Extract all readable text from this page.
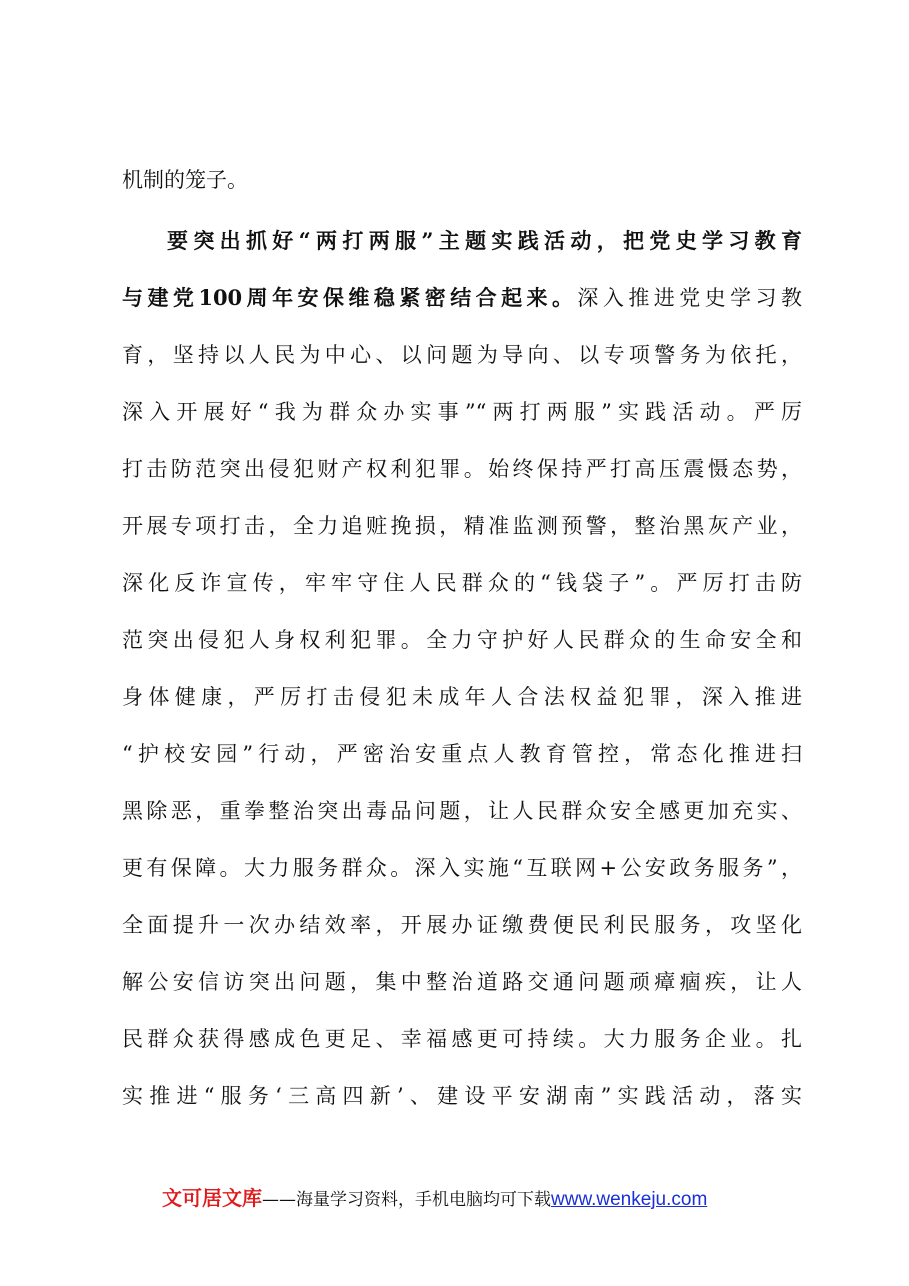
机制的笼子。
要突出抓好“两打两服”主题实践活动，把党史学习教育
与建党100周年安保维稳紧密结合起来。深入推进党史学习教
育，坚持以人民为中心、以问题为导向、以专项警务为依托，
深入开展好“我为群众办实事”“两打两服”实践活动。严厉
打击防范突出侵犯财产权利犯罪。始终保持严打高压震慑态势，
开展专项打击，全力追赃挽损，精准监测预警，整治黑灰产业，
深化反诈宣传，牢牢守住人民群众的“钱袋子”。严厉打击防
范突出侵犯人身权利犯罪。全力守护好人民群众的生命安全和
身体健康，严厉打击侵犯未成年人合法权益犯罪，深入推进
“护校安园”行动，严密治安重点人教育管控，常态化推进扫
黑除恶，重拳整治突出毒品问题，让人民群众安全感更加充实、
更有保障。大力服务群众。深入实施“互联网+公安政务服务”，
全面提升一次办结效率，开展办证缴费便民利民服务，攻坚化
解公安信访突出问题，集中整治道路交通问题顽瘴痼疾，让人
民群众获得感成色更足、幸福感更可持续。大力服务企业。扎
实推进“服务‘三高四新’、建设平安湖南”实践活动，落实
文可居文库——海量学习资料，手机电脑均可下载www.wenkeju.com
